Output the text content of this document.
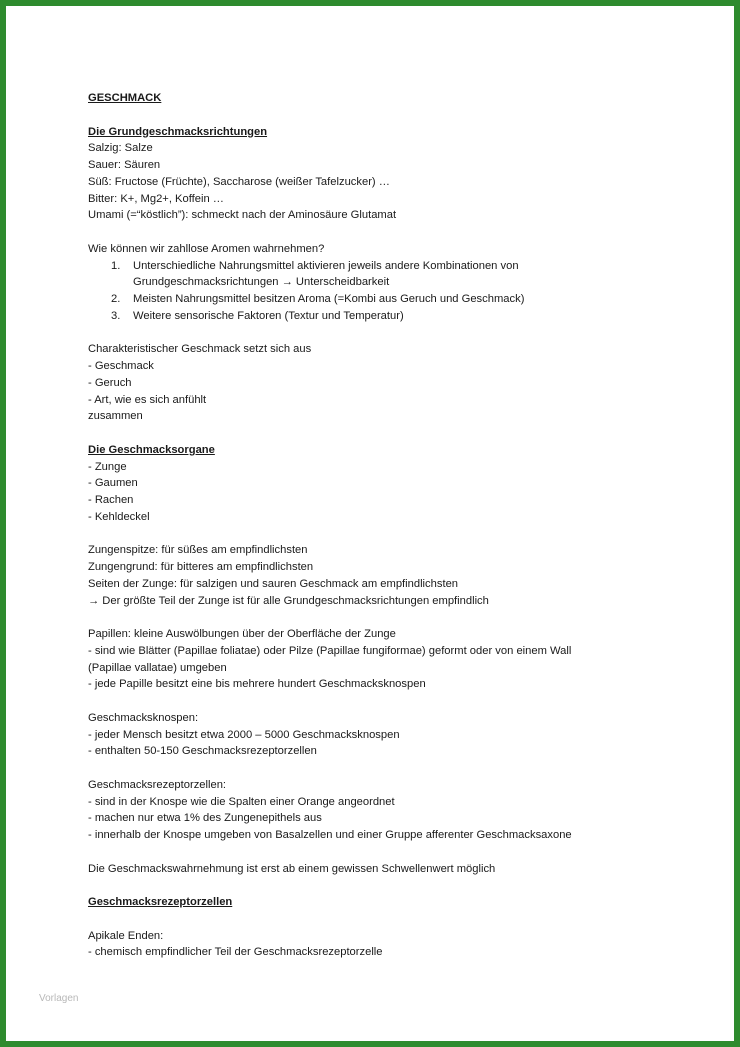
GESCHMACK
Die Grundgeschmacksrichtungen
Salzig: Salze
Sauer: Säuren
Süß: Fructose (Früchte), Saccharose (weißer Tafelzucker) …
Bitter: K+, Mg2+, Koffein …
Umami (=“köstlich”): schmeckt nach der Aminosäure Glutamat
Wie können wir zahllose Aromen wahrnehmen?
1. Unterschiedliche Nahrungsmittel aktivieren jeweils andere Kombinationen von
Grundgeschmacksrichtungen → Unterscheidbarkeit
2. Meisten Nahrungsmittel besitzen Aroma (=Kombi aus Geruch und Geschmack)
3. Weitere sensorische Faktoren (Textur und Temperatur)
Charakteristischer Geschmack setzt sich aus
- Geschmack
- Geruch
- Art, wie es sich anfühlt
zusammen
Die Geschmacksorgane
- Zunge
- Gaumen
- Rachen
- Kehldeckel
Zungenspitze: für süßes am empfindlichsten
Zungengrund: für bitteres am empfindlichsten
Seiten der Zunge: für salzigen und sauren Geschmack am empfindlichsten
→ Der größte Teil der Zunge ist für alle Grundgeschmacksrichtungen empfindlich
Papillen: kleine Auswölbungen über der Oberfläche der Zunge
- sind wie Blätter (Papillae foliatae) oder Pilze (Papillae fungiformae) geformt oder von einem Wall
(Papillae vallatae) umgeben
- jede Papille besitzt eine bis mehrere hundert Geschmacksknospen
Geschmacksknospen:
- jeder Mensch besitzt etwa 2000 – 5000 Geschmacksknospen
- enthalten 50-150 Geschmacksrezeptorzellen
Geschmacksrezeptorzellen:
- sind in der Knospe wie die Spalten einer Orange angeordnet
- machen nur etwa 1% des Zungenepithels aus
- innerhalb der Knospe umgeben von Basalzellen und einer Gruppe afferenter Geschmacksaxone
Die Geschmackswahrnehmung ist erst ab einem gewissen Schwellenwert möglich
Geschmacksrezeptorzellen
Apikale Enden:
- chemisch empfindlicher Teil der Geschmacksrezeptorzelle
Vorlagen
